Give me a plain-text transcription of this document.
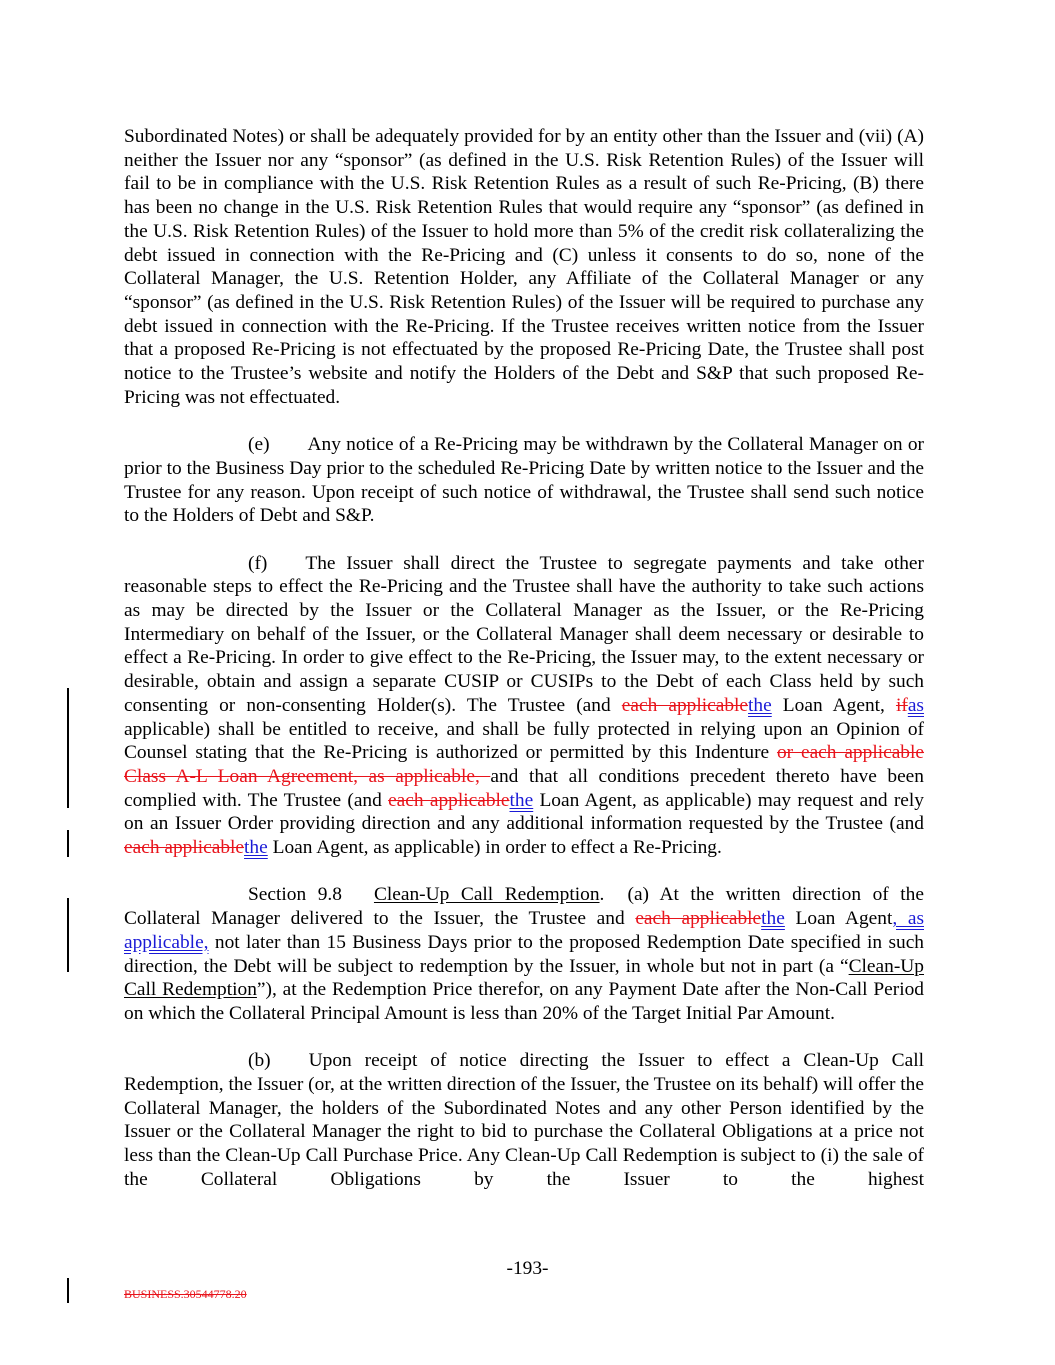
Subordinated Notes) or shall be adequately provided for by an entity other than the Issuer and (vii) (A) neither the Issuer nor any “sponsor” (as defined in the U.S. Risk Retention Rules) of the Issuer will fail to be in compliance with the U.S. Risk Retention Rules as a result of such Re-Pricing, (B) there has been no change in the U.S. Risk Retention Rules that would require any “sponsor” (as defined in the U.S. Risk Retention Rules) of the Issuer to hold more than 5% of the credit risk collateralizing the debt issued in connection with the Re-Pricing and (C) unless it consents to do so, none of the Collateral Manager, the U.S. Retention Holder, any Affiliate of the Collateral Manager or any “sponsor” (as defined in the U.S. Risk Retention Rules) of the Issuer will be required to purchase any debt issued in connection with the Re-Pricing. If the Trustee receives written notice from the Issuer that a proposed Re-Pricing is not effectuated by the proposed Re-Pricing Date, the Trustee shall post notice to the Trustee’s website and notify the Holders of the Debt and S&P that such proposed Re-Pricing was not effectuated.

(e) Any notice of a Re-Pricing may be withdrawn by the Collateral Manager on or prior to the Business Day prior to the scheduled Re-Pricing Date by written notice to the Issuer and the Trustee for any reason. Upon receipt of such notice of withdrawal, the Trustee shall send such notice to the Holders of Debt and S&P.

(f) The Issuer shall direct the Trustee to segregate payments and take other reasonable steps to effect the Re-Pricing and the Trustee shall have the authority to take such actions as may be directed by the Issuer or the Collateral Manager as the Issuer, or the Re-Pricing Intermediary on behalf of the Issuer, or the Collateral Manager shall deem necessary or desirable to effect a Re-Pricing. In order to give effect to the Re-Pricing, the Issuer may, to the extent necessary or desirable, obtain and assign a separate CUSIP or CUSIPs to the Debt of each Class held by such consenting or non-consenting Holder(s). The Trustee (and each applicablethe Loan Agent, ifas applicable) shall be entitled to receive, and shall be fully protected in relying upon an Opinion of Counsel stating that the Re-Pricing is authorized or permitted by this Indenture or each applicable Class A-L Loan Agreement, as applicable, and that all conditions precedent thereto have been complied with. The Trustee (and each applicablethe Loan Agent, as applicable) may request and rely on an Issuer Order providing direction and any additional information requested by the Trustee (and each applicablethe Loan Agent, as applicable) in order to effect a Re-Pricing.

Section 9.8 Clean-Up Call Redemption. (a) At the written direction of the Collateral Manager delivered to the Issuer, the Trustee and each applicablethe Loan Agent, as applicable, not later than 15 Business Days prior to the proposed Redemption Date specified in such direction, the Debt will be subject to redemption by the Issuer, in whole but not in part (a “Clean-Up Call Redemption”), at the Redemption Price therefor, on any Payment Date after the Non-Call Period on which the Collateral Principal Amount is less than 20% of the Target Initial Par Amount.

(b) Upon receipt of notice directing the Issuer to effect a Clean-Up Call Redemption, the Issuer (or, at the written direction of the Issuer, the Trustee on its behalf) will offer the Collateral Manager, the holders of the Subordinated Notes and any other Person identified by the Issuer or the Collateral Manager the right to bid to purchase the Collateral Obligations at a price not less than the Clean-Up Call Purchase Price. Any Clean-Up Call Redemption is subject to (i) the sale of the Collateral Obligations by the Issuer to the highest

-193-
BUSINESS.30544778.20
